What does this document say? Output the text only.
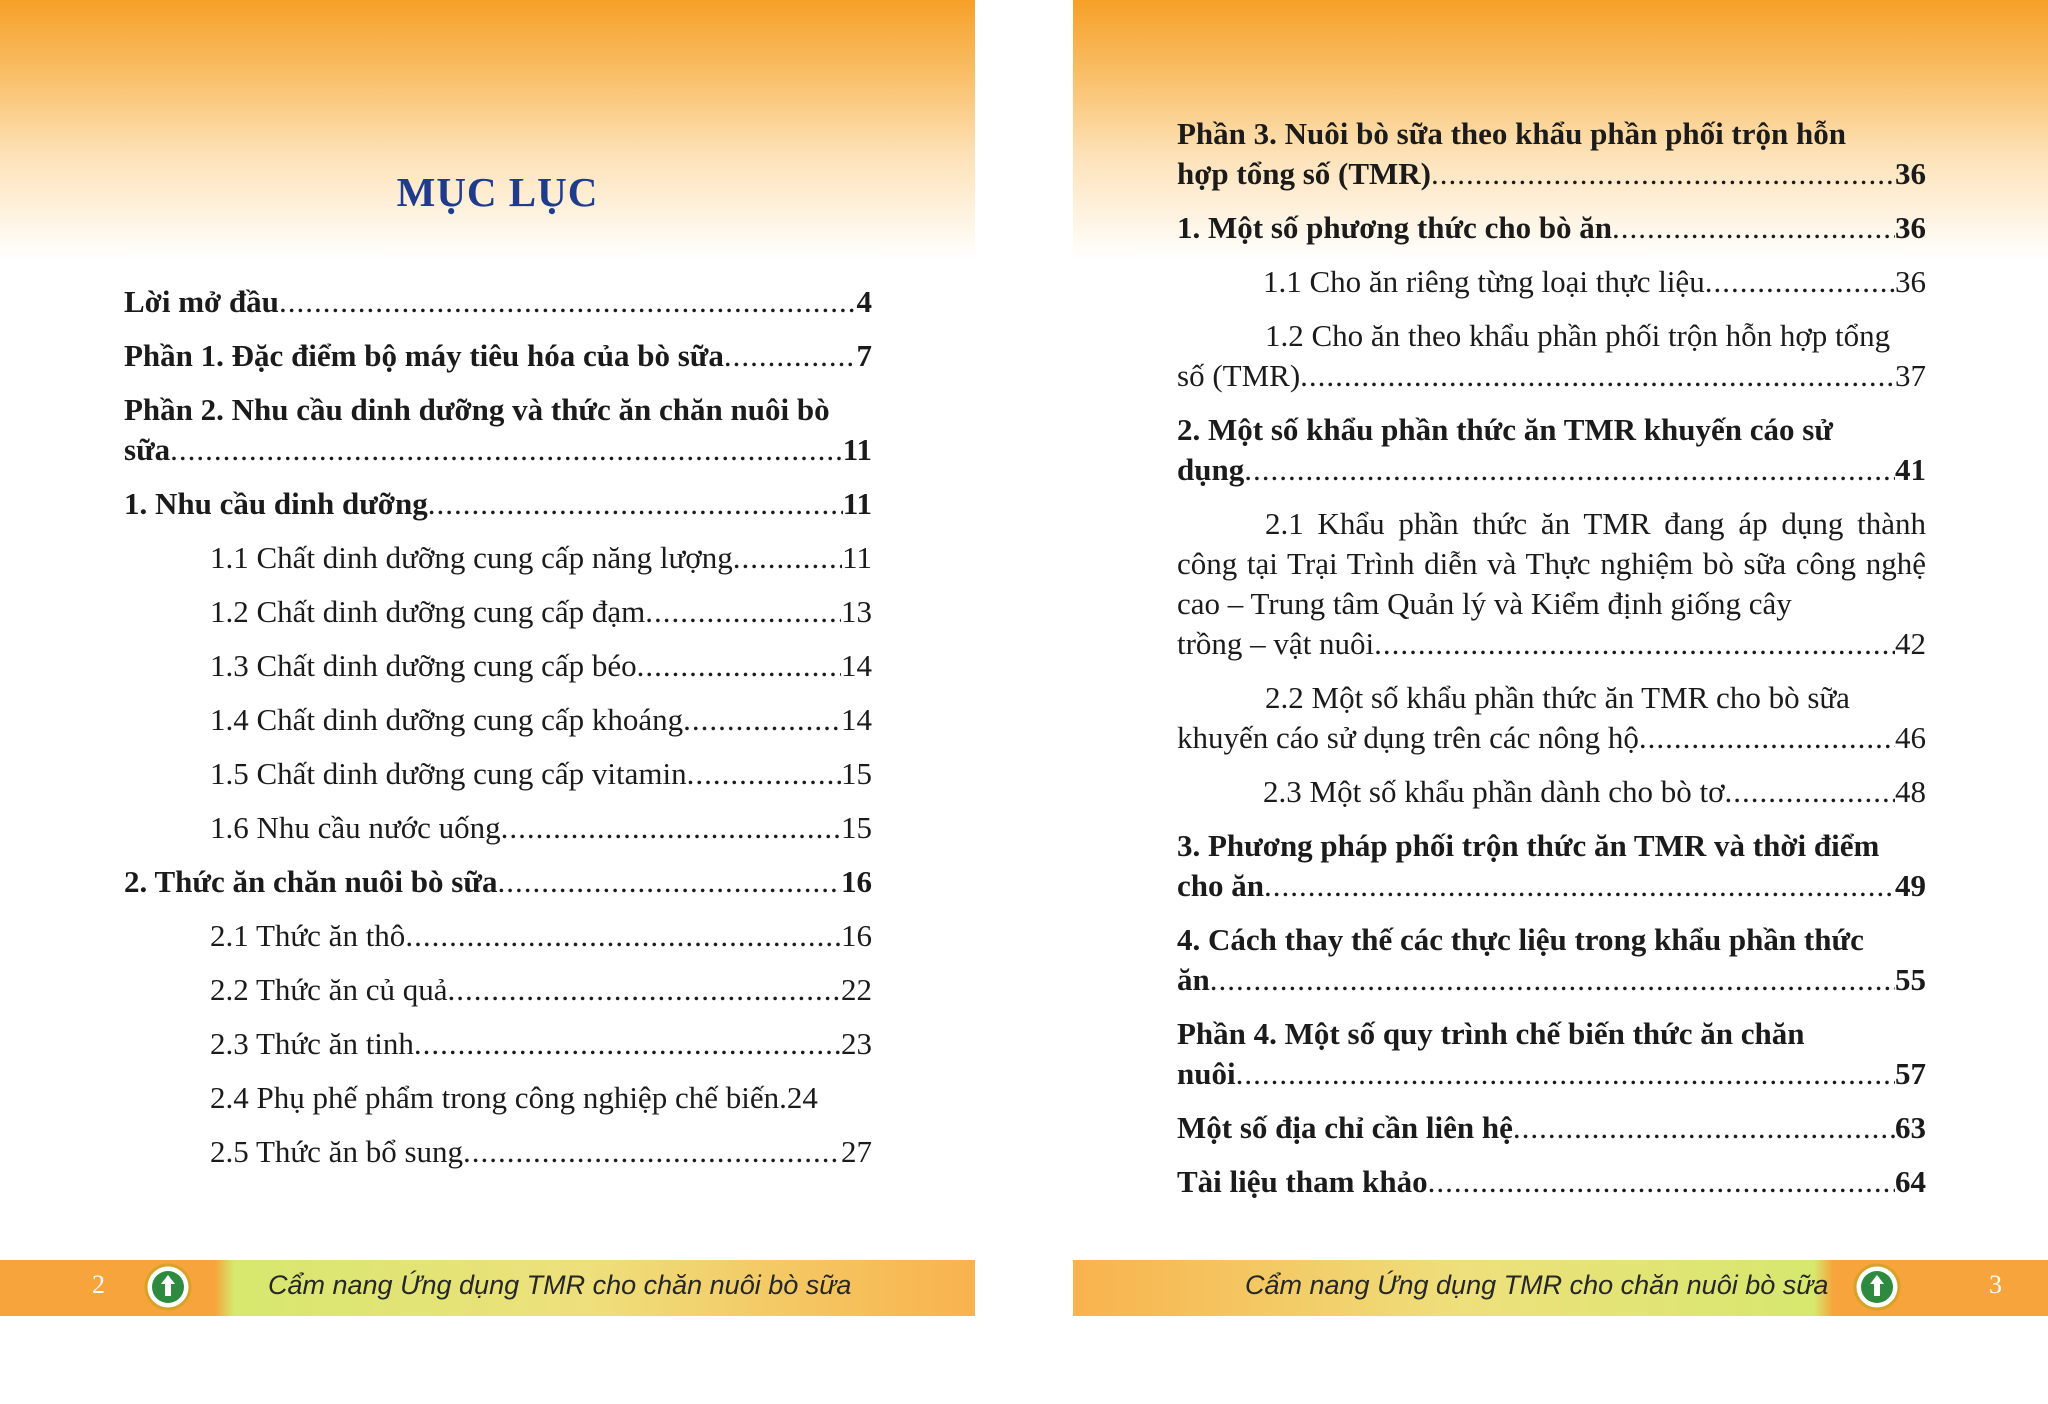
MỤC LỤC
Lời mở đầu .....	4
Phần 1. Đặc điểm bộ máy tiêu hóa của bò sữa .....	7
Phần 2. Nhu cầu dinh dưỡng và thức ăn chăn nuôi bò
sữa .....	11
1. Nhu cầu dinh dưỡng .....	11
1.1 Chất dinh dưỡng cung cấp năng lượng .....	11
1.2 Chất dinh dưỡng cung cấp đạm .....	13
1.3 Chất dinh dưỡng cung cấp béo .....	14
1.4 Chất dinh dưỡng cung cấp khoáng .....	14
1.5 Chất dinh dưỡng cung cấp vitamin .....	15
1.6 Nhu cầu nước uống .....	15
2. Thức ăn chăn nuôi bò sữa .....	16
2.1 Thức ăn thô .....	16
2.2 Thức ăn củ quả .....	22
2.3 Thức ăn tinh .....	23
2.4 Phụ phế phẩm trong công nghiệp chế biến. 24
2.5 Thức ăn bổ sung .....	27
2	Cẩm nang Ứng dụng TMR cho chăn nuôi bò sữa
Phần 3. Nuôi bò sữa theo khẩu phần phối trộn hỗn
hợp tổng số (TMR) .....	36
1. Một số phương thức cho bò ăn .....	36
1.1 Cho ăn riêng từng loại thực liệu .....	36
1.2 Cho ăn theo khẩu phần phối trộn hỗn hợp tổng
số (TMR) .....	37
2. Một số khẩu phần thức ăn TMR khuyến cáo sử
dụng .....	41
2.1 Khẩu phần thức ăn TMR đang áp dụng thành công tại Trại Trình diễn và Thực nghiệm bò sữa công nghệ cao – Trung tâm Quản lý và Kiểm định giống cây
trồng – vật nuôi .....	42
2.2 Một số khẩu phần thức ăn TMR cho bò sữa
khuyến cáo sử dụng trên các nông hộ .....	46
2.3 Một số khẩu phần dành cho bò tơ .....	48
3. Phương pháp phối trộn thức ăn TMR và thời điểm
cho ăn .....	49
4. Cách thay thế các thực liệu trong khẩu phần thức
ăn .....	55
Phần 4. Một số quy trình chế biến thức ăn chăn
nuôi .....	57
Một số địa chỉ cần liên hệ .....	63
Tài liệu tham khảo .....	64
Cẩm nang Ứng dụng TMR cho chăn nuôi bò sữa	3
